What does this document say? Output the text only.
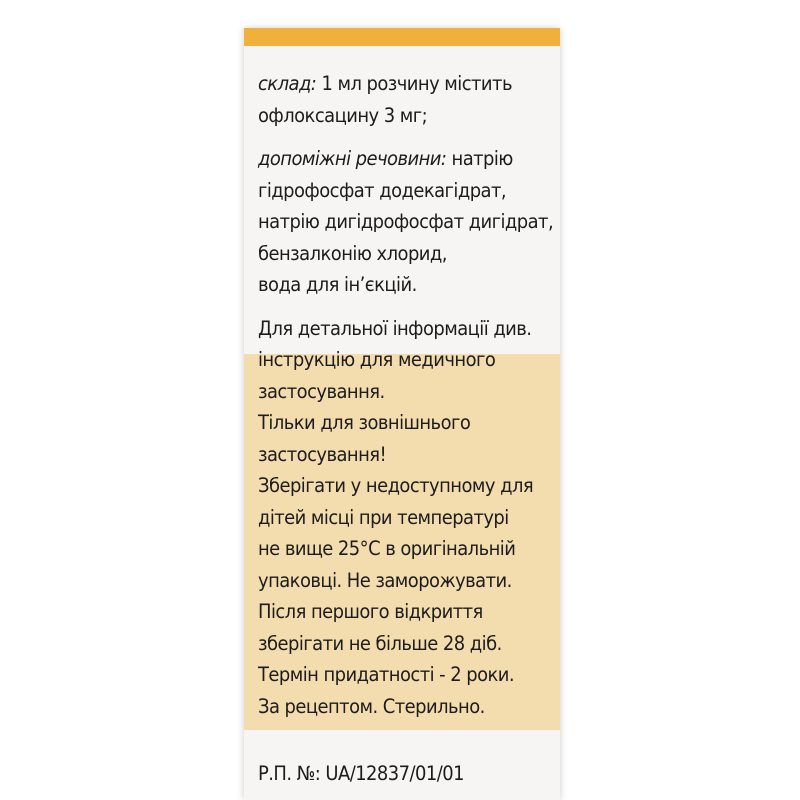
склад: 1 мл розчину містить
офлоксацину 3 мг;

допоміжні речовини: натрію
гідрофосфат додекагідрат,
натрію дигідрофосфат дигідрат,
бензалконію хлорид,
вода для ін’єкцій.

Для детальної інформації див.
інструкцію для медичного
застосування.
Тільки для зовнішнього
застосування!
Зберігати у недоступному для
дітей місці при температурі
не вище 25°С в оригінальній
упаковці. Не заморожувати.
Після першого відкриття
зберігати не більше 28 діб.
Термін придатності - 2 роки.
За рецептом. Стерильно.

Р.П. №: UA/12837/01/01
